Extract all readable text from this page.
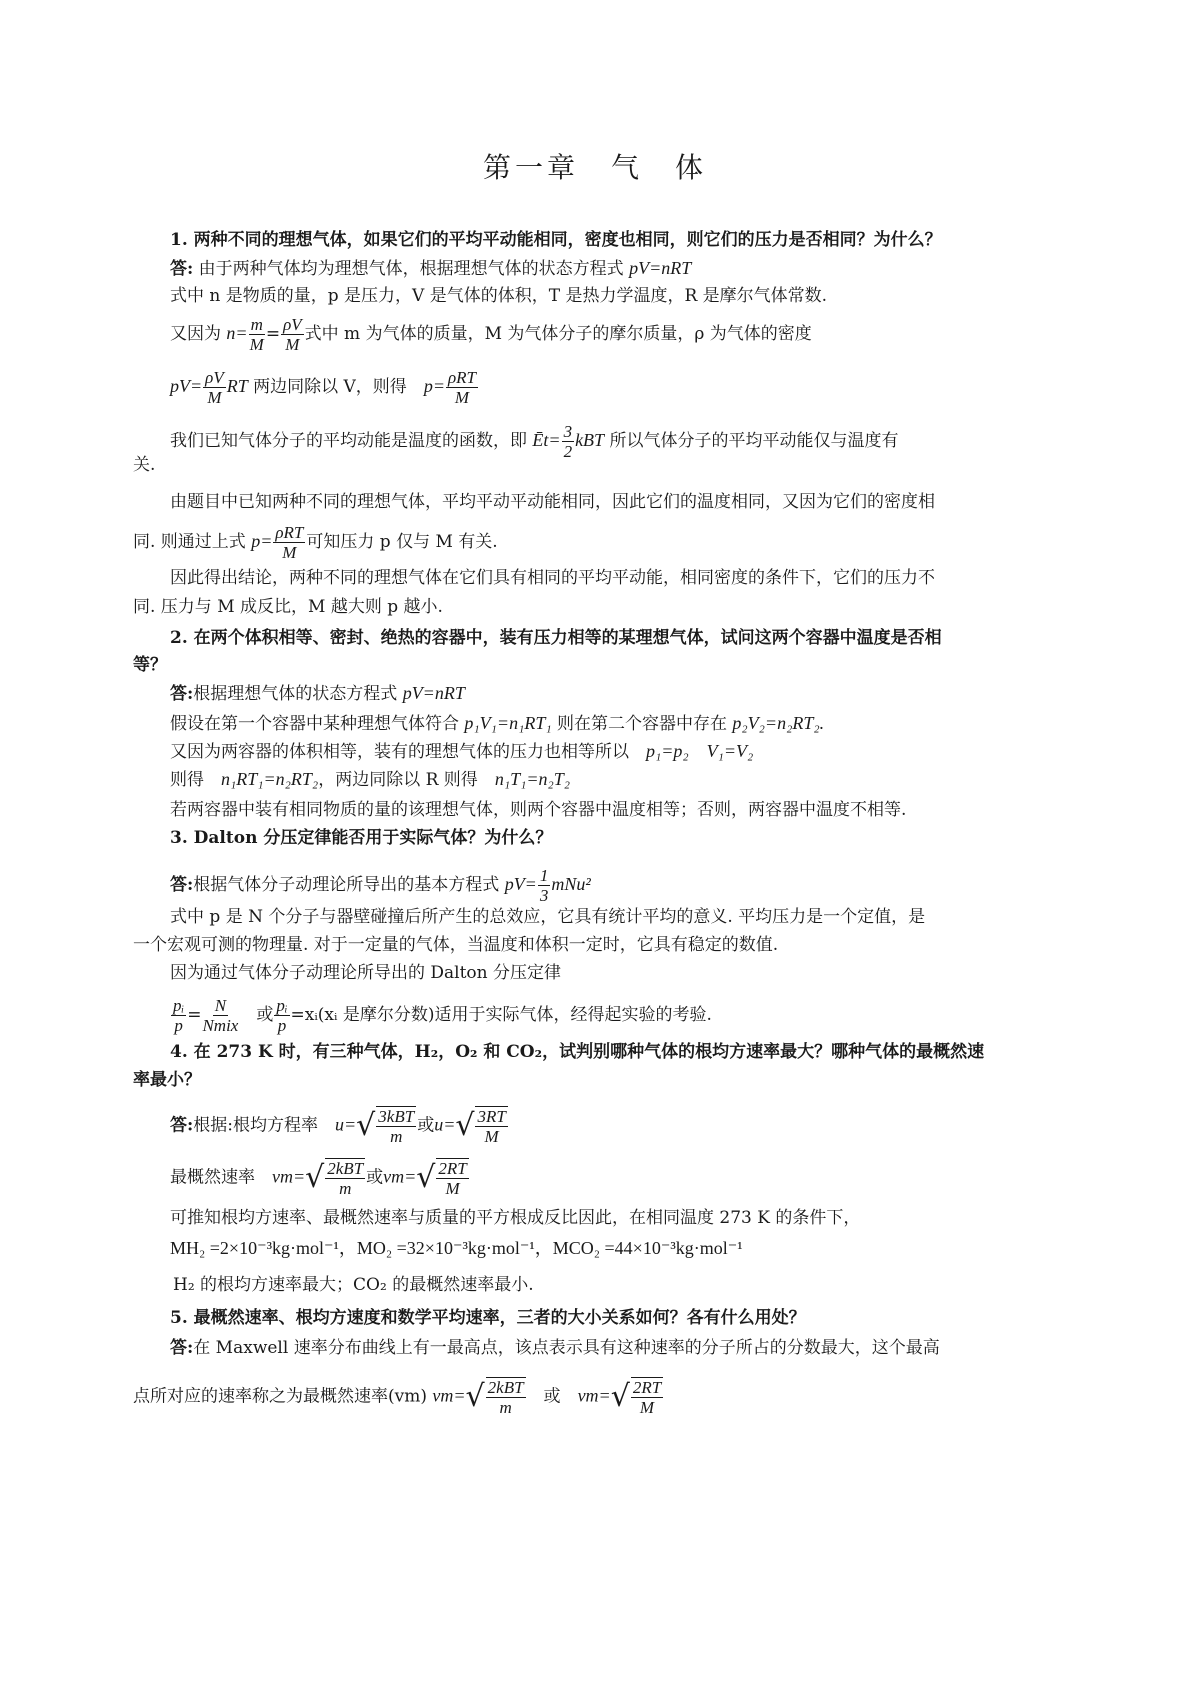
第一章　气　体
1. 两种不同的理想气体，如果它们的平均平动能相同，密度也相同，则它们的压力是否相同？为什么？
答: 由于两种气体均为理想气体，根据理想气体的状态方程式 pV=nRT
式中 n 是物质的量，p 是压力，V 是气体的体积，T 是热力学温度，R 是摩尔气体常数.
又因为 $n= \frac{m}{M} = \frac{\rho V}{M}$ 式中 m 为气体的质量，M 为气体分子的摩尔质量，ρ 为气体的密度
$pV= \frac{\rho V}{M}$ RT 两边同除以 V，则得　$p= \frac{\text{ρRT}}{M}$
我们已知气体分子的平均动能是温度的函数，即 Ēt= $\frac{3}{2}$ kBT 所以气体分子的平均平动能仅与温度有
关.
由题目中已知两种不同的理想气体，平均平动平动能相同，因此它们的温度相同，又因为它们的密度相
同. 则通过上式 $p= \frac{\text{ρRT}}{M}$ 可知压力 p 仅与 M 有关.
因此得出结论，两种不同的理想气体在它们具有相同的平均平动能，相同密度的条件下，它们的压力不
同. 压力与 M 成反比，M 越大则 p 越小.
2. 在两个体积相等、密封、绝热的容器中，装有压力相等的某理想气体，试问这两个容器中温度是否相
等？
答:根据理想气体的状态方程式 pV=nRT
假设在第一个容器中某种理想气体符合 p₁V₁=n₁RT₁ 则在第二个容器中存在 p₂V₂=n₂RT₂.
又因为两容器的体积相等，装有的理想气体的压力也相等所以　p₁=p₂　V₁=V₂
则得　n₁RT₁=n₂RT₂，两边同除以 R 则得　n₁T₁=n₂T₂
若两容器中装有相同物质的量的该理想气体，则两个容器中温度相等；否则，两容器中温度不相等.
3. Dalton 分压定律能否用于实际气体？为什么？
答:根据气体分子动理论所导出的基本方程式 $pV= \frac{1}{3} mNu^2$
式中 p 是 N 个分子与器壁碰撞后所产生的总效应，它具有统计平均的意义. 平均压力是一个定值，是
一个宏观可测的物理量. 对于一定量的气体，当温度和体积一定时，它具有稳定的数值.
因为通过气体分子动理论所导出的 Dalton 分压定律
$\frac{\text{pᵢ}}{p} = \frac{N}{\text{Nmix}}$ 　或 $\frac{\text{pᵢ}}{p}$ =xᵢ(xᵢ 是摩尔分数)适用于实际气体，经得起实验的考验.
4. 在 273 K 时，有三种气体，H₂，O₂ 和 CO₂，试判别哪种气体的根均方速率最大？哪种气体的最概然速
率最小？
答:根据:根均方程率　u= √ $\frac{\text{3kBT}}{m}$ 或u= √ $\frac{3RT}{M}$
最概然速率　vm= √ $\frac{\text{2kBT}}{m}$ 或vm= √ $\frac{2RT}{M}$
可推知根均方速率、最概然速率与质量的平方根成反比因此，在相同温度 273 K 的条件下，
MH₂ =2×10⁻³kg·mol⁻¹，MO₂ =32×10⁻³kg·mol⁻¹，MCO₂ =44×10⁻³kg·mol⁻¹
H₂ 的根均方速率最大；CO₂ 的最概然速率最小.
5. 最概然速率、根均方速度和数学平均速率，三者的大小关系如何？各有什么用处？
答:在 Maxwell 速率分布曲线上有一最高点，该点表示具有这种速率的分子所占的分数最大，这个最高
点所对应的速率称之为最概然速率(vm) vm= √ $\frac{\text{2kBT}}{m}$ 　或　vm= √ $\frac{2RT}{M}$
